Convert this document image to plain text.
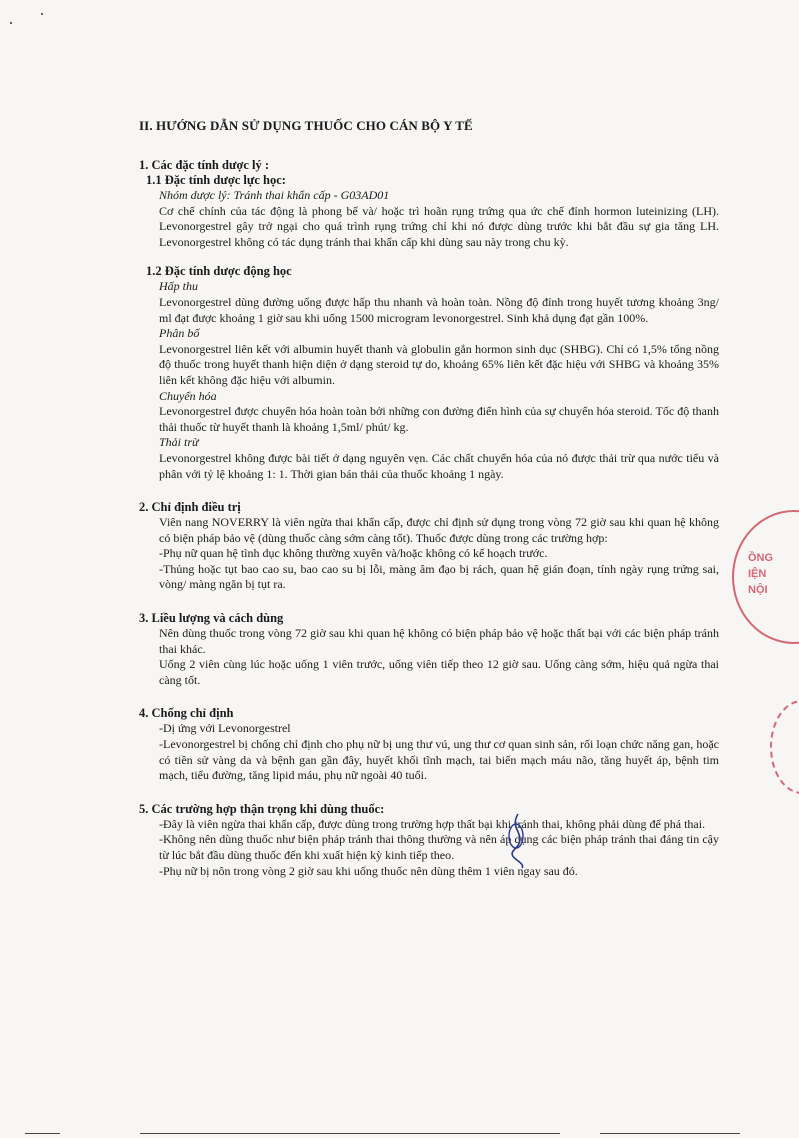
II. HƯỚNG DẪN SỬ DỤNG THUỐC CHO CÁN BỘ Y TẾ
1. Các đặc tính dược lý :
1.1 Đặc tính dược lực học:

Nhóm dược lý: Tránh thai khẩn cấp - G03AD01

Cơ chế chính của tác động là phong bế và/ hoặc trì hoãn rụng trứng qua ức chế đỉnh hormon luteinizing (LH). Levonorgestrel gây trở ngại cho quá trình rụng trứng chỉ khi nó được dùng trước khi bắt đầu sự gia tăng LH. Levonorgestrel không có tác dụng tránh thai khẩn cấp khi dùng sau này trong chu kỳ.

1.2 Đặc tính dược động học

Hấp thu

Levonorgestrel dùng đường uống được hấp thu nhanh và hoàn toàn. Nồng độ đỉnh trong huyết tương khoảng 3ng/ ml đạt được khoảng 1 giờ sau khi uống 1500 microgram levonorgestrel. Sinh khả dụng đạt gần 100%.

Phân bố

Levonorgestrel liên kết với albumin huyết thanh và globulin gắn hormon sinh dục (SHBG). Chỉ có 1,5% tổng nồng độ thuốc trong huyết thanh hiện diện ở dạng steroid tự do, khoảng 65% liên kết đặc hiệu với SHBG và khoảng 35% liên kết không đặc hiệu với albumin.

Chuyển hóa

Levonorgestrel được chuyển hóa hoàn toàn bởi những con đường điển hình của sự chuyển hóa steroid. Tốc độ thanh thải thuốc từ huyết thanh là khoảng 1,5ml/ phút/ kg.

Thải trừ

Levonorgestrel không được bài tiết ở dạng nguyên vẹn. Các chất chuyển hóa của nó được thải trừ qua nước tiểu và phân với tỷ lệ khoảng 1: 1. Thời gian bán thải của thuốc khoảng 1 ngày.

2. Chỉ định điều trị

Viên nang NOVERRY là viên ngừa thai khẩn cấp, được chỉ định sử dụng trong vòng 72 giờ sau khi quan hệ không có biện pháp bảo vệ (dùng thuốc càng sớm càng tốt). Thuốc được dùng trong các trường hợp:

-Phụ nữ quan hệ tình dục không thường xuyên và/hoặc không có kế hoạch trước.

-Thủng hoặc tụt bao cao su, bao cao su bị lỗi, màng âm đạo bị rách, quan hệ gián đoạn, tính ngày rụng trứng sai, vòng/ màng ngăn bị tụt ra.

3. Liều lượng và cách dùng

Nên dùng thuốc trong vòng 72 giờ sau khi quan hệ không có biện pháp bảo vệ hoặc thất bại với các biện pháp tránh thai khác.

Uống 2 viên cùng lúc hoặc uống 1 viên trước, uống viên tiếp theo 12 giờ sau. Uống càng sớm, hiệu quả ngừa thai càng tốt.

4. Chống chỉ định

-Dị ứng với Levonorgestrel

-Levonorgestrel bị chống chỉ định cho phụ nữ bị ung thư vú, ung thư cơ quan sinh sản, rối loạn chức năng gan, hoặc có tiền sử vàng da và bệnh gan gần đây, huyết khối tĩnh mạch, tai biến mạch máu não, tăng huyết áp, bệnh tim mạch, tiểu đường, tăng lipid máu, phụ nữ ngoài 40 tuổi.

5. Các trường hợp thận trọng khi dùng thuốc:

-Đây là viên ngừa thai khẩn cấp, được dùng trong trường hợp thất bại khi tránh thai, không phải dùng để phá thai.

-Không nên dùng thuốc như biện pháp tránh thai thông thường và nên áp dụng các biện pháp tránh thai đáng tin cậy từ lúc bắt đầu dùng thuốc đến khi xuất hiện kỳ kinh tiếp theo.

-Phụ nữ bị nôn trong vòng 2 giờ sau khi uống thuốc nên dùng thêm 1 viên ngay sau đó.

ỒNG
IỆN
NỘI
